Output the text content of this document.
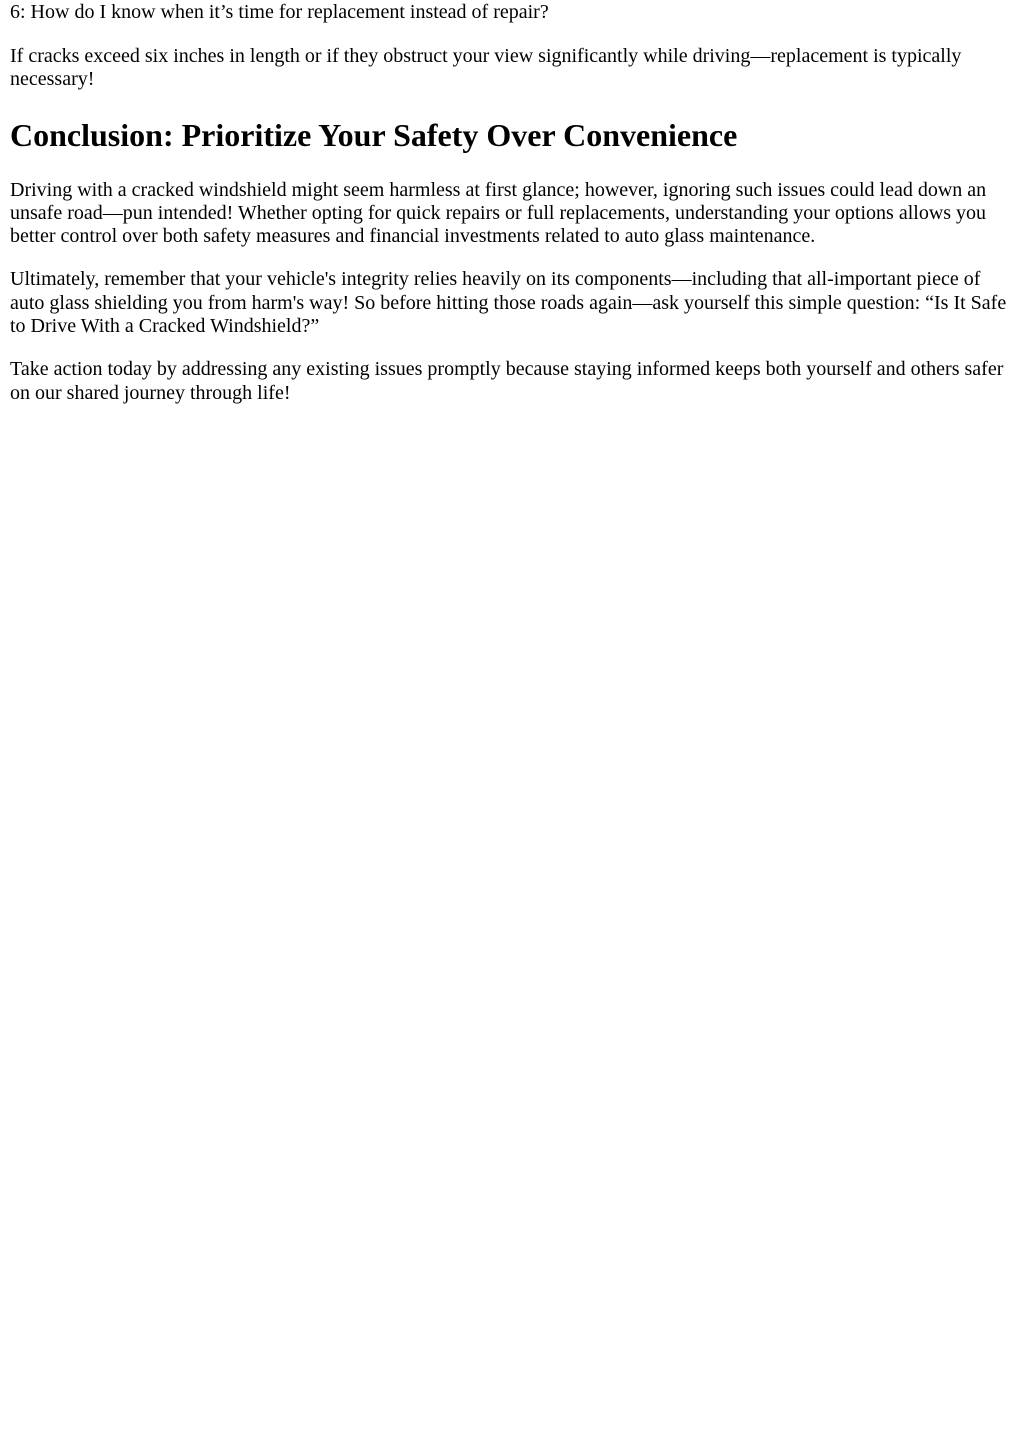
6: How do I know when it’s time for replacement instead of repair?

If cracks exceed six inches in length or if they obstruct your view significantly while driving—replacement is typically necessary!

Conclusion: Prioritize Your Safety Over Convenience

Driving with a cracked windshield might seem harmless at first glance; however, ignoring such issues could lead down an unsafe road—pun intended! Whether opting for quick repairs or full replacements, understanding your options allows you better control over both safety measures and financial investments related to auto glass maintenance.

Ultimately, remember that your vehicle's integrity relies heavily on its components—including that all-important piece of auto glass shielding you from harm's way! So before hitting those roads again—ask yourself this simple question: “Is It Safe to Drive With a Cracked Windshield?”

Take action today by addressing any existing issues promptly because staying informed keeps both yourself and others safer on our shared journey through life!
